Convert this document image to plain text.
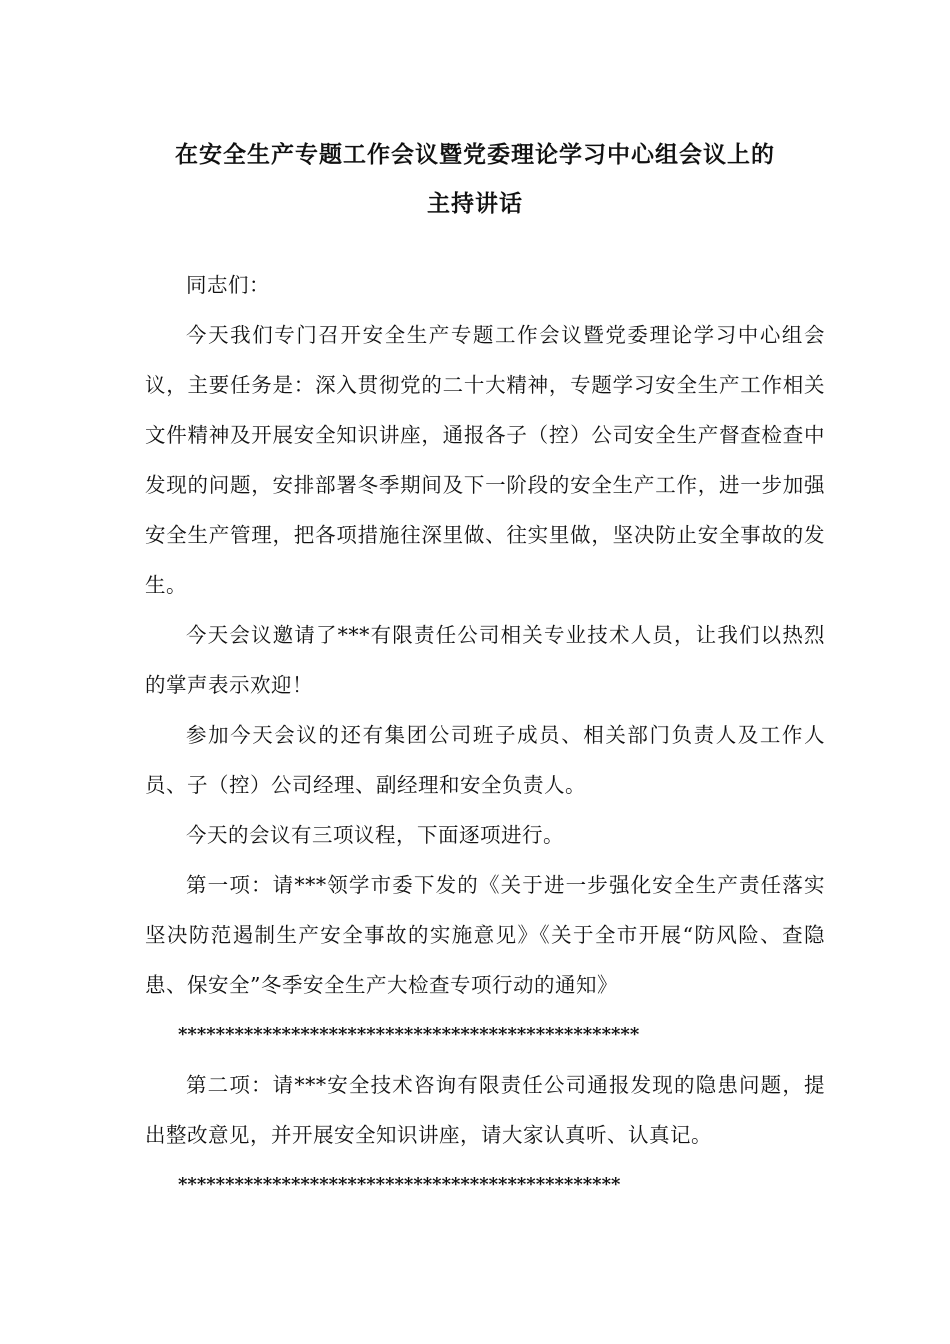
在安全生产专题工作会议暨党委理论学习中心组会议上的
主持讲话

同志们：

今天我们专门召开安全生产专题工作会议暨党委理论学习中心组会议，主要任务是：深入贯彻党的二十大精神，专题学习安全生产工作相关文件精神及开展安全知识讲座，通报各子（控）公司安全生产督查检查中发现的问题，安排部署冬季期间及下一阶段的安全生产工作，进一步加强安全生产管理，把各项措施往深里做、往实里做，坚决防止安全事故的发生。

今天会议邀请了***有限责任公司相关专业技术人员，让我们以热烈的掌声表示欢迎！

参加今天会议的还有集团公司班子成员、相关部门负责人及工作人员、子（控）公司经理、副经理和安全负责人。

今天的会议有三项议程，下面逐项进行。

第一项：请***领学市委下发的《关于进一步强化安全生产责任落实坚决防范遏制生产安全事故的实施意见》《关于全市开展“防风险、查隐患、保安全”冬季安全生产大检查专项行动的通知》

*************************************************

第二项：请***安全技术咨询有限责任公司通报发现的隐患问题，提出整改意见，并开展安全知识讲座，请大家认真听、认真记。

***********************************************
